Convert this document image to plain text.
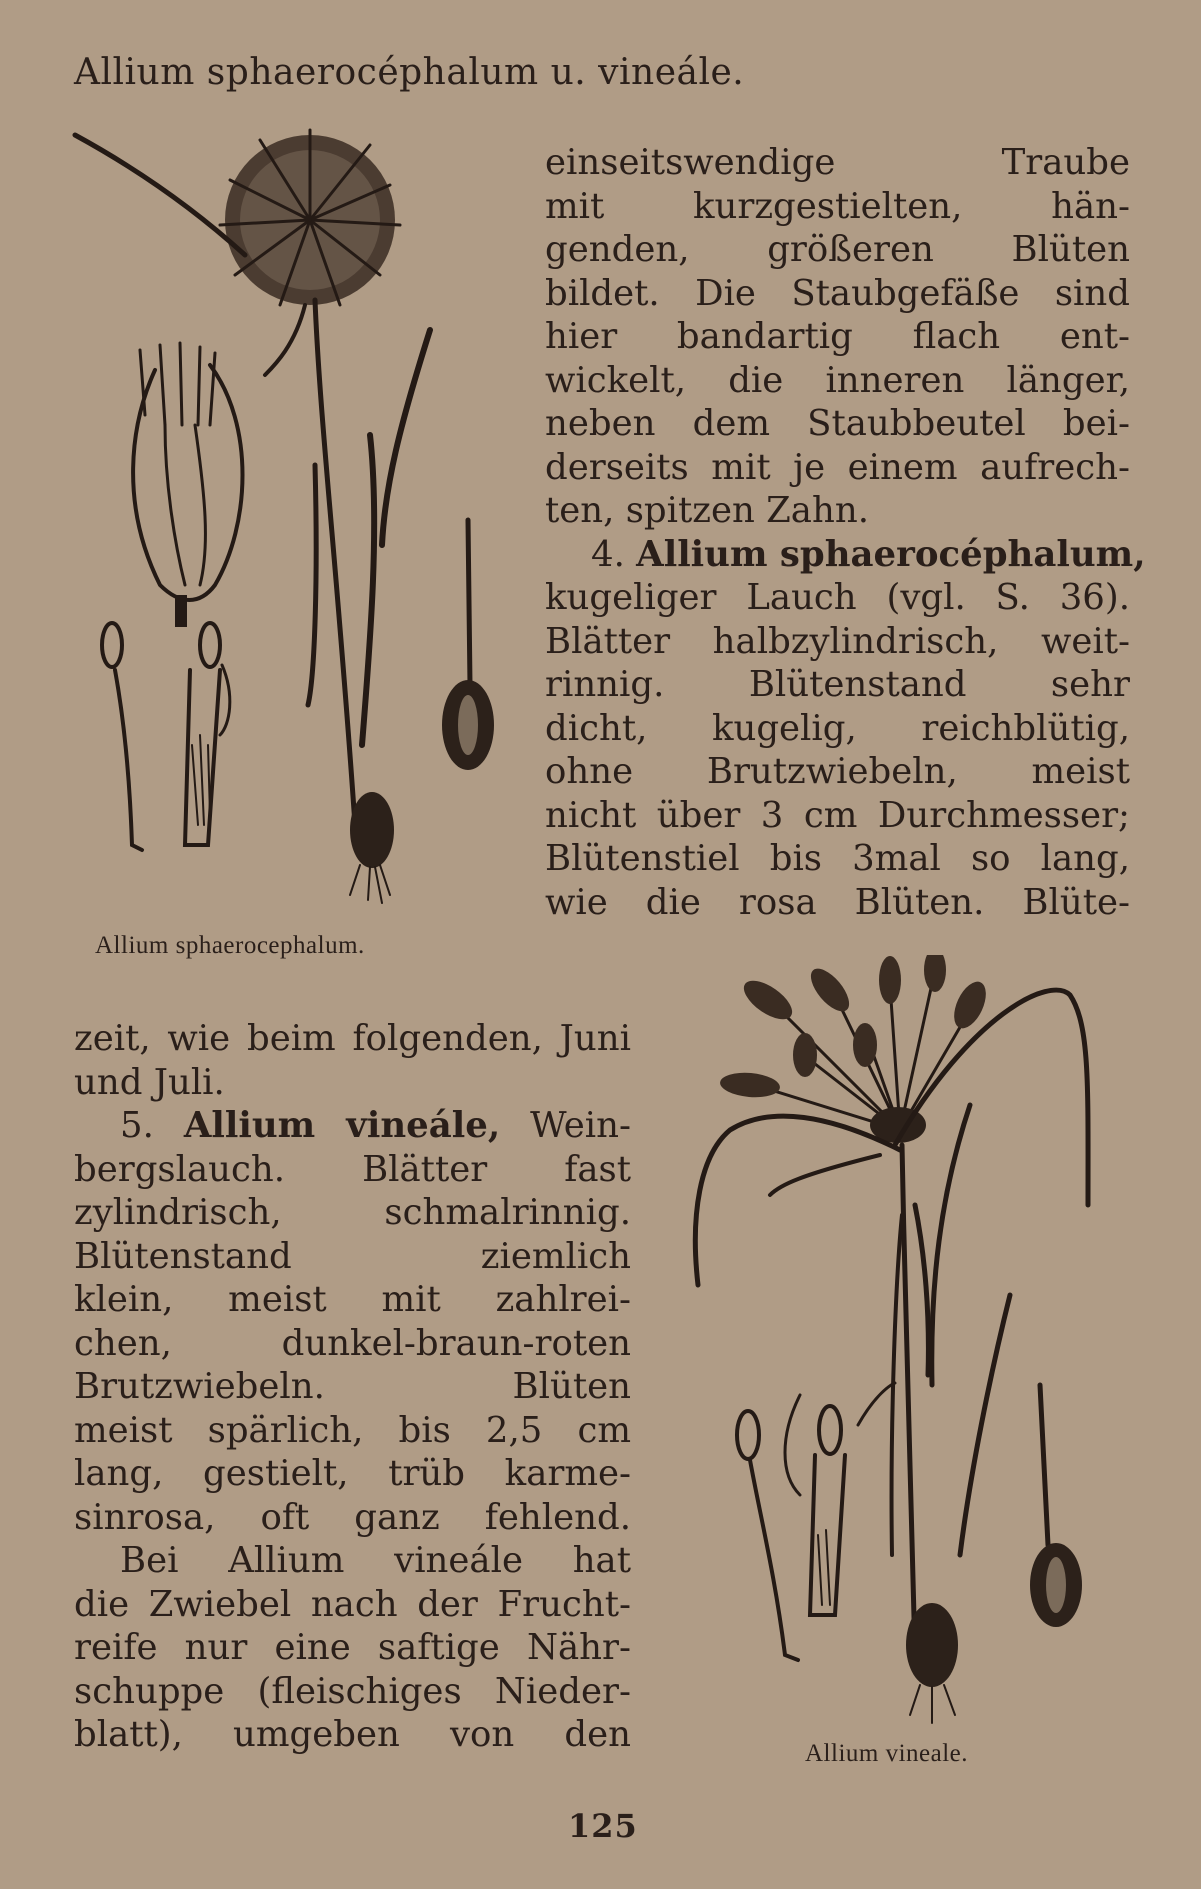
Allium sphaerocéphalum u. vineále.
einseitswendige Traube
mit kurzgestielten, hän-
genden, größeren Blüten
bildet. Die Staubgefäße sind
hier bandartig flach ent-
wickelt, die inneren länger,
neben dem Staubbeutel bei-
derseits mit je einem aufrech-
ten, spitzen Zahn.
4. Allium sphaerocéphalum,
kugeliger Lauch (vgl. S. 36).
Blätter halbzylindrisch, weit-
rinnig. Blütenstand sehr
dicht, kugelig, reichblütig,
ohne Brutzwiebeln, meist
nicht über 3 cm Durchmesser;
Blütenstiel bis 3mal so lang,
wie die rosa Blüten. Blüte-
Allium sphaerocephalum.
zeit, wie beim folgenden, Juni
und Juli.
5. Allium vineále, Wein-
bergslauch. Blätter fast
zylindrisch, schmalrinnig.
Blütenstand ziemlich
klein, meist mit zahlrei-
chen, dunkel-braun-roten
Brutzwiebeln. Blüten
meist spärlich, bis 2,5 cm
lang, gestielt, trüb karme-
sinrosa, oft ganz fehlend.
Bei Allium vineále hat
die Zwiebel nach der Frucht-
reife nur eine saftige Nähr-
schuppe (fleischiges Nieder-
blatt), umgeben von den	Allium vineale.
125
